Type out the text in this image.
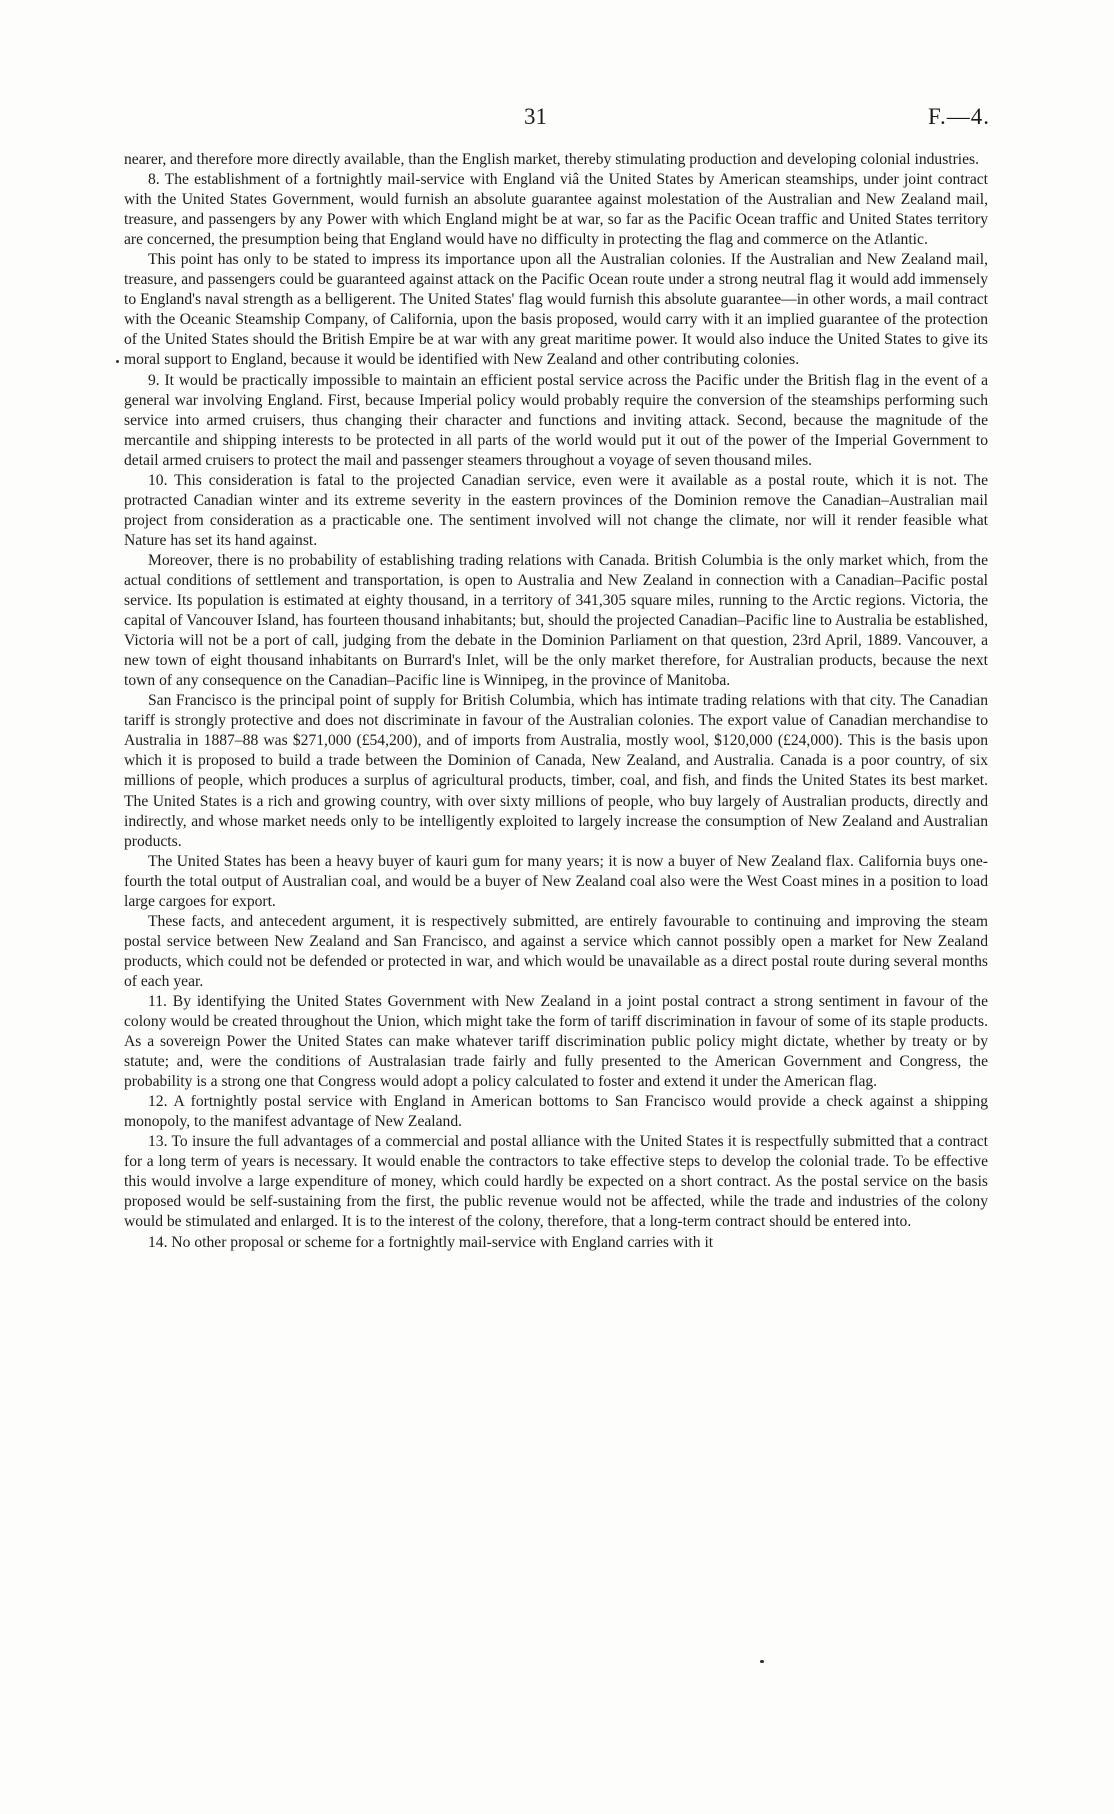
31	F.—4.

nearer, and therefore more directly available, than the English market, thereby stimulating production and developing colonial industries.

8. The establishment of a fortnightly mail-service with England viâ the United States by American steamships, under joint contract with the United States Government, would furnish an absolute guarantee against molestation of the Australian and New Zealand mail, treasure, and passengers by any Power with which England might be at war, so far as the Pacific Ocean traffic and United States territory are concerned, the presumption being that England would have no difficulty in protecting the flag and commerce on the Atlantic.

This point has only to be stated to impress its importance upon all the Australian colonies. If the Australian and New Zealand mail, treasure, and passengers could be guaranteed against attack on the Pacific Ocean route under a strong neutral flag it would add immensely to England's naval strength as a belligerent. The United States' flag would furnish this absolute guarantee—in other words, a mail contract with the Oceanic Steamship Company, of California, upon the basis proposed, would carry with it an implied guarantee of the protection of the United States should the British Empire be at war with any great maritime power. It would also induce the United States to give its moral support to England, because it would be identified with New Zealand and other contributing colonies.

9. It would be practically impossible to maintain an efficient postal service across the Pacific under the British flag in the event of a general war involving England. First, because Imperial policy would probably require the conversion of the steamships performing such service into armed cruisers, thus changing their character and functions and inviting attack. Second, because the magnitude of the mercantile and shipping interests to be protected in all parts of the world would put it out of the power of the Imperial Government to detail armed cruisers to protect the mail and passenger steamers throughout a voyage of seven thousand miles.

10. This consideration is fatal to the projected Canadian service, even were it available as a postal route, which it is not. The protracted Canadian winter and its extreme severity in the eastern provinces of the Dominion remove the Canadian–Australian mail project from consideration as a practicable one. The sentiment involved will not change the climate, nor will it render feasible what Nature has set its hand against.

Moreover, there is no probability of establishing trading relations with Canada. British Columbia is the only market which, from the actual conditions of settlement and transportation, is open to Australia and New Zealand in connection with a Canadian–Pacific postal service. Its population is estimated at eighty thousand, in a territory of 341,305 square miles, running to the Arctic regions. Victoria, the capital of Vancouver Island, has fourteen thousand inhabitants; but, should the projected Canadian–Pacific line to Australia be established, Victoria will not be a port of call, judging from the debate in the Dominion Parliament on that question, 23rd April, 1889. Vancouver, a new town of eight thousand inhabitants on Burrard's Inlet, will be the only market therefore, for Australian products, because the next town of any consequence on the Canadian–Pacific line is Winnipeg, in the province of Manitoba.

San Francisco is the principal point of supply for British Columbia, which has intimate trading relations with that city. The Canadian tariff is strongly protective and does not discriminate in favour of the Australian colonies. The export value of Canadian merchandise to Australia in 1887–88 was $271,000 (£54,200), and of imports from Australia, mostly wool, $120,000 (£24,000). This is the basis upon which it is proposed to build a trade between the Dominion of Canada, New Zealand, and Australia. Canada is a poor country, of six millions of people, which produces a surplus of agricultural products, timber, coal, and fish, and finds the United States its best market. The United States is a rich and growing country, with over sixty millions of people, who buy largely of Australian products, directly and indirectly, and whose market needs only to be intelligently exploited to largely increase the consumption of New Zealand and Australian products.

The United States has been a heavy buyer of kauri gum for many years; it is now a buyer of New Zealand flax. California buys one-fourth the total output of Australian coal, and would be a buyer of New Zealand coal also were the West Coast mines in a position to load large cargoes for export.

These facts, and antecedent argument, it is respectively submitted, are entirely favourable to continuing and improving the steam postal service between New Zealand and San Francisco, and against a service which cannot possibly open a market for New Zealand products, which could not be defended or protected in war, and which would be unavailable as a direct postal route during several months of each year.

11. By identifying the United States Government with New Zealand in a joint postal contract a strong sentiment in favour of the colony would be created throughout the Union, which might take the form of tariff discrimination in favour of some of its staple products. As a sovereign Power the United States can make whatever tariff discrimination public policy might dictate, whether by treaty or by statute; and, were the conditions of Australasian trade fairly and fully presented to the American Government and Congress, the probability is a strong one that Congress would adopt a policy calculated to foster and extend it under the American flag.

12. A fortnightly postal service with England in American bottoms to San Francisco would provide a check against a shipping monopoly, to the manifest advantage of New Zealand.

13. To insure the full advantages of a commercial and postal alliance with the United States it is respectfully submitted that a contract for a long term of years is necessary. It would enable the contractors to take effective steps to develop the colonial trade. To be effective this would involve a large expenditure of money, which could hardly be expected on a short contract. As the postal service on the basis proposed would be self-sustaining from the first, the public revenue would not be affected, while the trade and industries of the colony would be stimulated and enlarged. It is to the interest of the colony, therefore, that a long-term contract should be entered into.

14. No other proposal or scheme for a fortnightly mail-service with England carries with it
